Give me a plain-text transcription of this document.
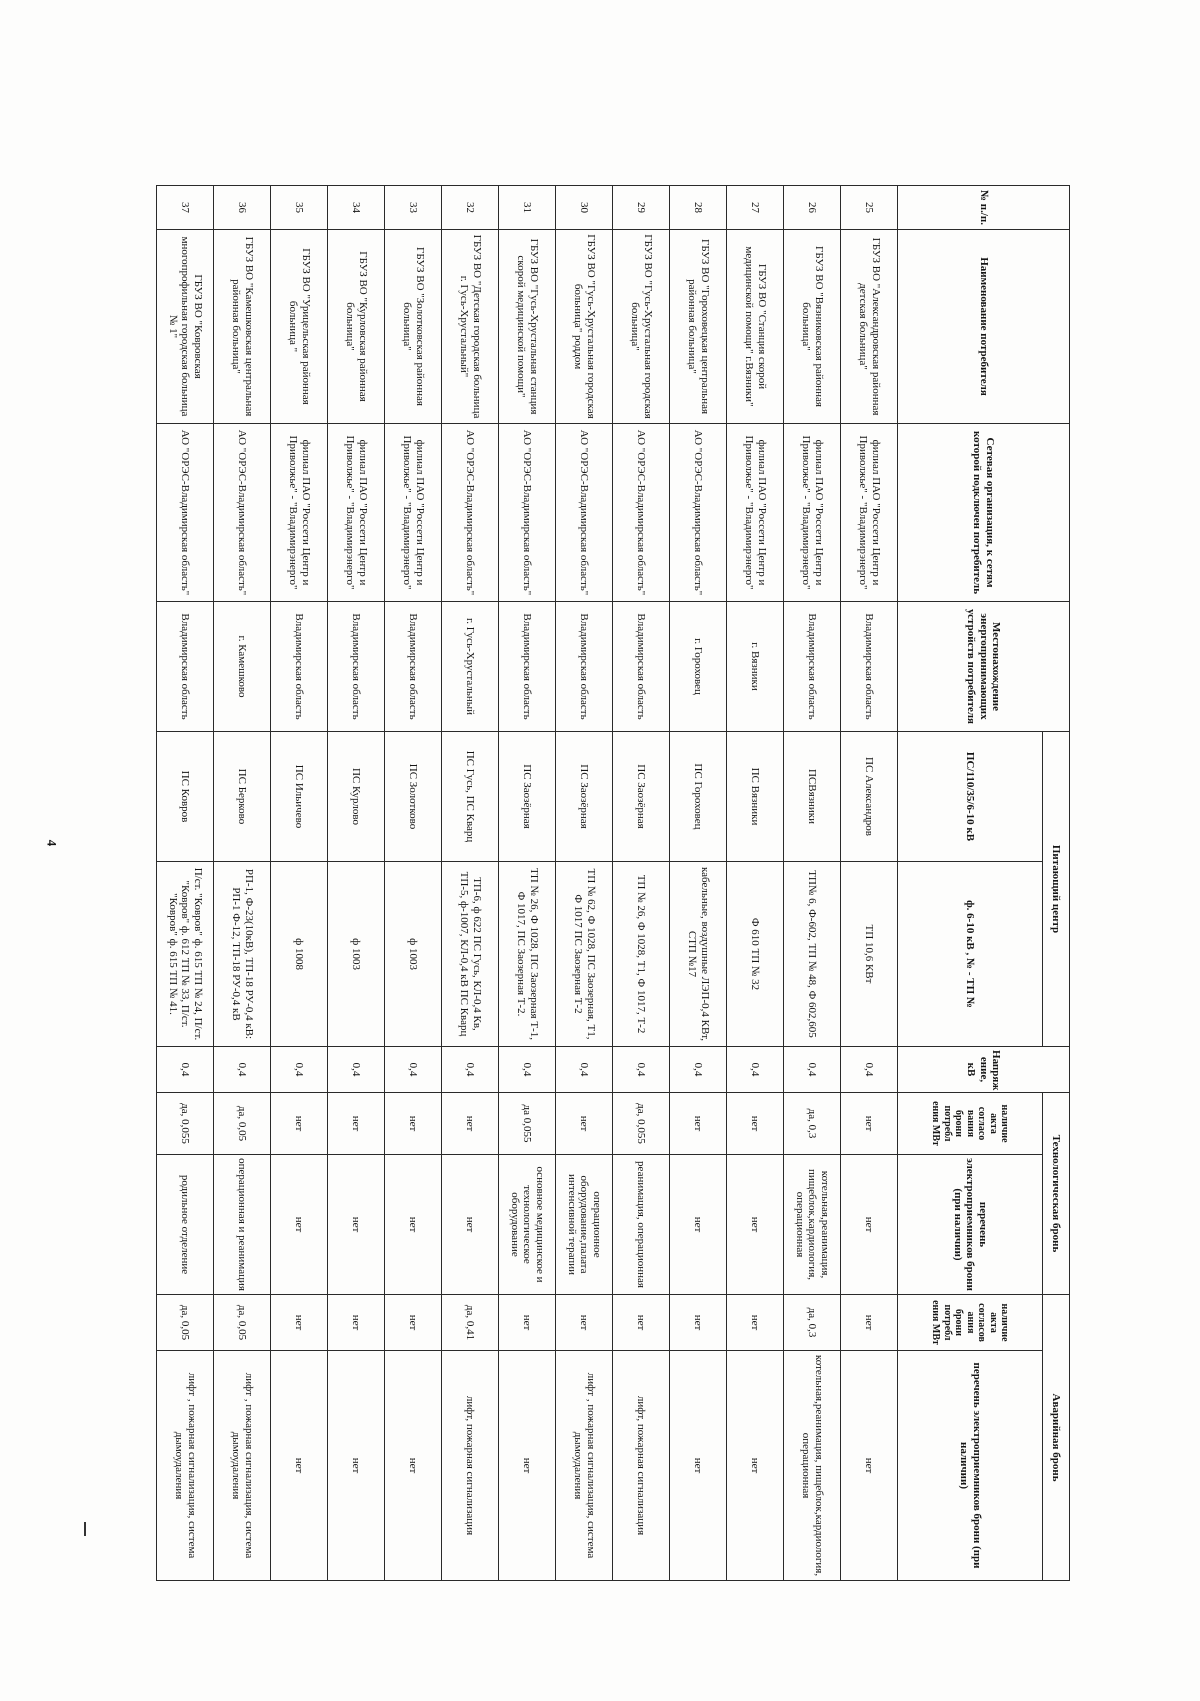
4
№ п./п.	Наименование потребителя	Сетевая организация, к сетям которой подключен потребитель	Местонахождение энергопринимающих устройств потребителя	Питающий центр		Напряж ение, кВ	Технологическая бронь		Аварийная бронь	
				ПС/110/35/6-10 кВ	ф. 6-10 кВ , № - ТП №		наличие акта согласо вания брони потребл ения МВт	перечень электроприемников брони (при наличии)	наличие акта согласов ания брони потребл ения МВт	перечень электроприемников брони (при наличии)
25	ГБУЗ ВО "Александровская районная детская больница"	филиал ПАО "Россети Центр и Приволжье" - "Владимирэнерго"	Владимирская область	ПС Александров	ТП 10,6 КВт	0,4	нет	нет	нет	нет
26	ГБУЗ ВО "Вязниковская районная больница"	филиал ПАО "Россети Центр и Приволжье" - "Владимирэнерго"	Владимирская область	ПСВязники	ТП№ 6, Ф-602, ТП № 48, Ф 602,605	0,4	да, 0,3	котельная,реанимация, пищеблок,кардиология, операционная	да, 0,3	котельная,реанимация, пищеблок,кардиология, операционная
27	ГБУЗ ВО "Станция скорой медицинской помощи" г.Вязники"	филиал ПАО "Россети Центр и Приволжье" - "Владимирэнерго"	г. Вязники	ПС Вязники	Ф 610 ТП № 32	0,4	нет	нет	нет	нет
28	ГБУЗ ВО "Гороховецкая центральная районная больница"	АО "ОРЭС-Владимирская область"	г. Гороховец	ПС Гороховец	кабельные, воздушные ЛЭП-0,4 КВт, СТП №17	0,4	нет	нет	нет	нет
29	ГБУЗ ВО "Гусь-Хрустальная городская больница"	АО "ОРЭС-Владимирская область"	Владимирская область	ПС Заозёрная	ТП № 26, Ф 1028, Т1, Ф 1017, Т-2	0,4	да, 0,055	реанимация, операционная	нет	лифт, пожарная сигнализация
30	ГБУЗ ВО "Гусь-Хрустальная городская больница" роддом	АО "ОРЭС-Владимирская область"	Владимирская область	ПС Заозёрная	ТП № 62, Ф 1028, ПС Заозерная, Т1, Ф 1017 ПС Заозерная Т-2	0,4	нет	операционное оборудование,палата интенсивной терапии	нет	лифт , пожарная сигнализация, система дымоудаления
31	ГБУЗ ВО "Гусь-Хрустальная станция скорой медицинской помощи"	АО "ОРЭС-Владимирская область"	Владимирская область	ПС Заозёрная	ТП № 26, Ф 1028, ПС Заозерная Т-1, Ф 1017, ПС Заозерная Т-2.	0,4	да 0,055	основное медицинское и технологическое оборудование	нет	нет
32	ГБУЗ ВО "Детская городская больница г. Гусь-Хрустальный"	АО "ОРЭС-Владимирская область"	г. Гусь-Хрустальный	ПС Гусь, ПС Кварц	ТП-6, ф 622 ПС Гусь, КЛ-0,4 Кв, ТП-5, ф-1007, КЛ-0,4 кВ ПС Кварц	0,4	нет	нет	да, 0,41	лифт, пожарная сигнализация
33	ГБУЗ ВО "Золотковская районная больница"	филиал ПАО "Россети Центр и Приволжье" - "Владимирэнерго"	Владимирская область	ПС Золотково	ф 1003	0,4	нет	нет	нет	нет
34	ГБУЗ ВО "Курловская районная больница"	филиал ПАО "Россети Центр и Приволжье" - "Владимирэнерго"	Владимирская область	ПС Курлово	ф 1003	0,4	нет	нет	нет	нет
35	ГБУЗ ВО "Урицельская районная больница "	филиал ПАО "Россети Центр и Приволжье" - "Владимирэнерго"	Владимирская область	ПС Ильичево	ф 1008	0,4	нет	нет	нет	нет
36	ГБУЗ ВО "Камешковская центральная районная больница"	АО "ОРЭС-Владимирская область"	г. Камешково	ПС Берково	РП-1, Ф-23(10кВ), ТП-18 РУ-0,4 кВ: РП-1 Ф-12, ТП-18 РУ-0,4 кВ	0,4	да, 0,05	операционная и реанимация	да, 0,05	лифт , пожарная сигнализация, система дымоудаления
37	ГБУЗ ВО "Ковровская многопрофильная городская больница № 1"	АО "ОРЭС-Владимирская область"	Владимирская область	ПС Ковров	П/ст. "Ковров" ф. 615 ТП № 24, П/ст. "Ковров" ф. 612 ТП № 33, П/ст. "Ковров" ф. 615 ТП № 41.	0,4	да, 0,055	родильное отделение	да, 0,05	лифт , пожарная сигнализация, система дымоудаления
